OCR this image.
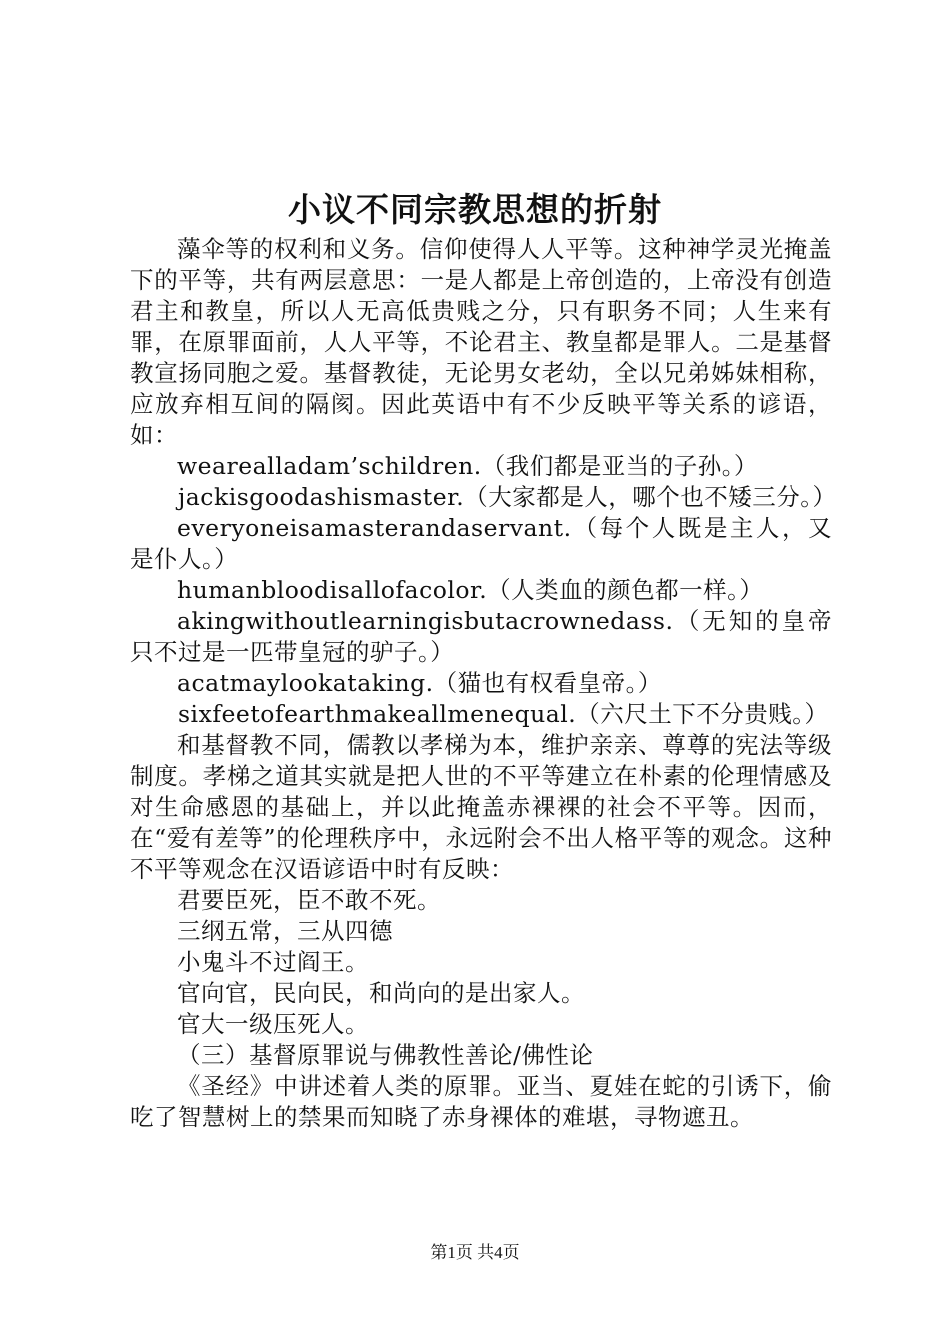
小议不同宗教思想的折射

藻伞等的权利和义务。信仰使得人人平等。这种神学灵光掩盖下的平等，共有两层意思：一是人都是上帝创造的，上帝没有创造君主和教皇，所以人无高低贵贱之分，只有职务不同；人生来有罪，在原罪面前，人人平等，不论君主、教皇都是罪人。二是基督教宣扬同胞之爱。基督教徒，无论男女老幼，全以兄弟姊妹相称，应放弃相互间的隔阂。因此英语中有不少反映平等关系的谚语，如：

wearealladam’schildren.（我们都是亚当的子孙。）

jackisgoodashismaster.（大家都是人，哪个也不矮三分。）

everyoneisamasterandaservant.（每个人既是主人，又是仆人。）

humanbloodisallofacolor.（人类血的颜色都一样。）

akingwithoutlearningisbutacrownedass.（无知的皇帝只不过是一匹带皇冠的驴子。）

acatmaylookataking.（猫也有权看皇帝。）

sixfeetofearthmakeallmenequal.（六尺土下不分贵贱。）

和基督教不同，儒教以孝梯为本，维护亲亲、尊尊的宪法等级制度。孝梯之道其实就是把人世的不平等建立在朴素的伦理情感及对生命感恩的基础上，并以此掩盖赤裸裸的社会不平等。因而，在“爱有差等”的伦理秩序中，永远附会不出人格平等的观念。这种不平等观念在汉语谚语中时有反映：

君要臣死，臣不敢不死。

三纲五常，三从四德

小鬼斗不过阎王。

官向官，民向民，和尚向的是出家人。

官大一级压死人。

（三）基督原罪说与佛教性善论/佛性论

《圣经》中讲述着人类的原罪。亚当、夏娃在蛇的引诱下，偷吃了智慧树上的禁果而知晓了赤身裸体的难堪，寻物遮丑。

第1页 共4页
